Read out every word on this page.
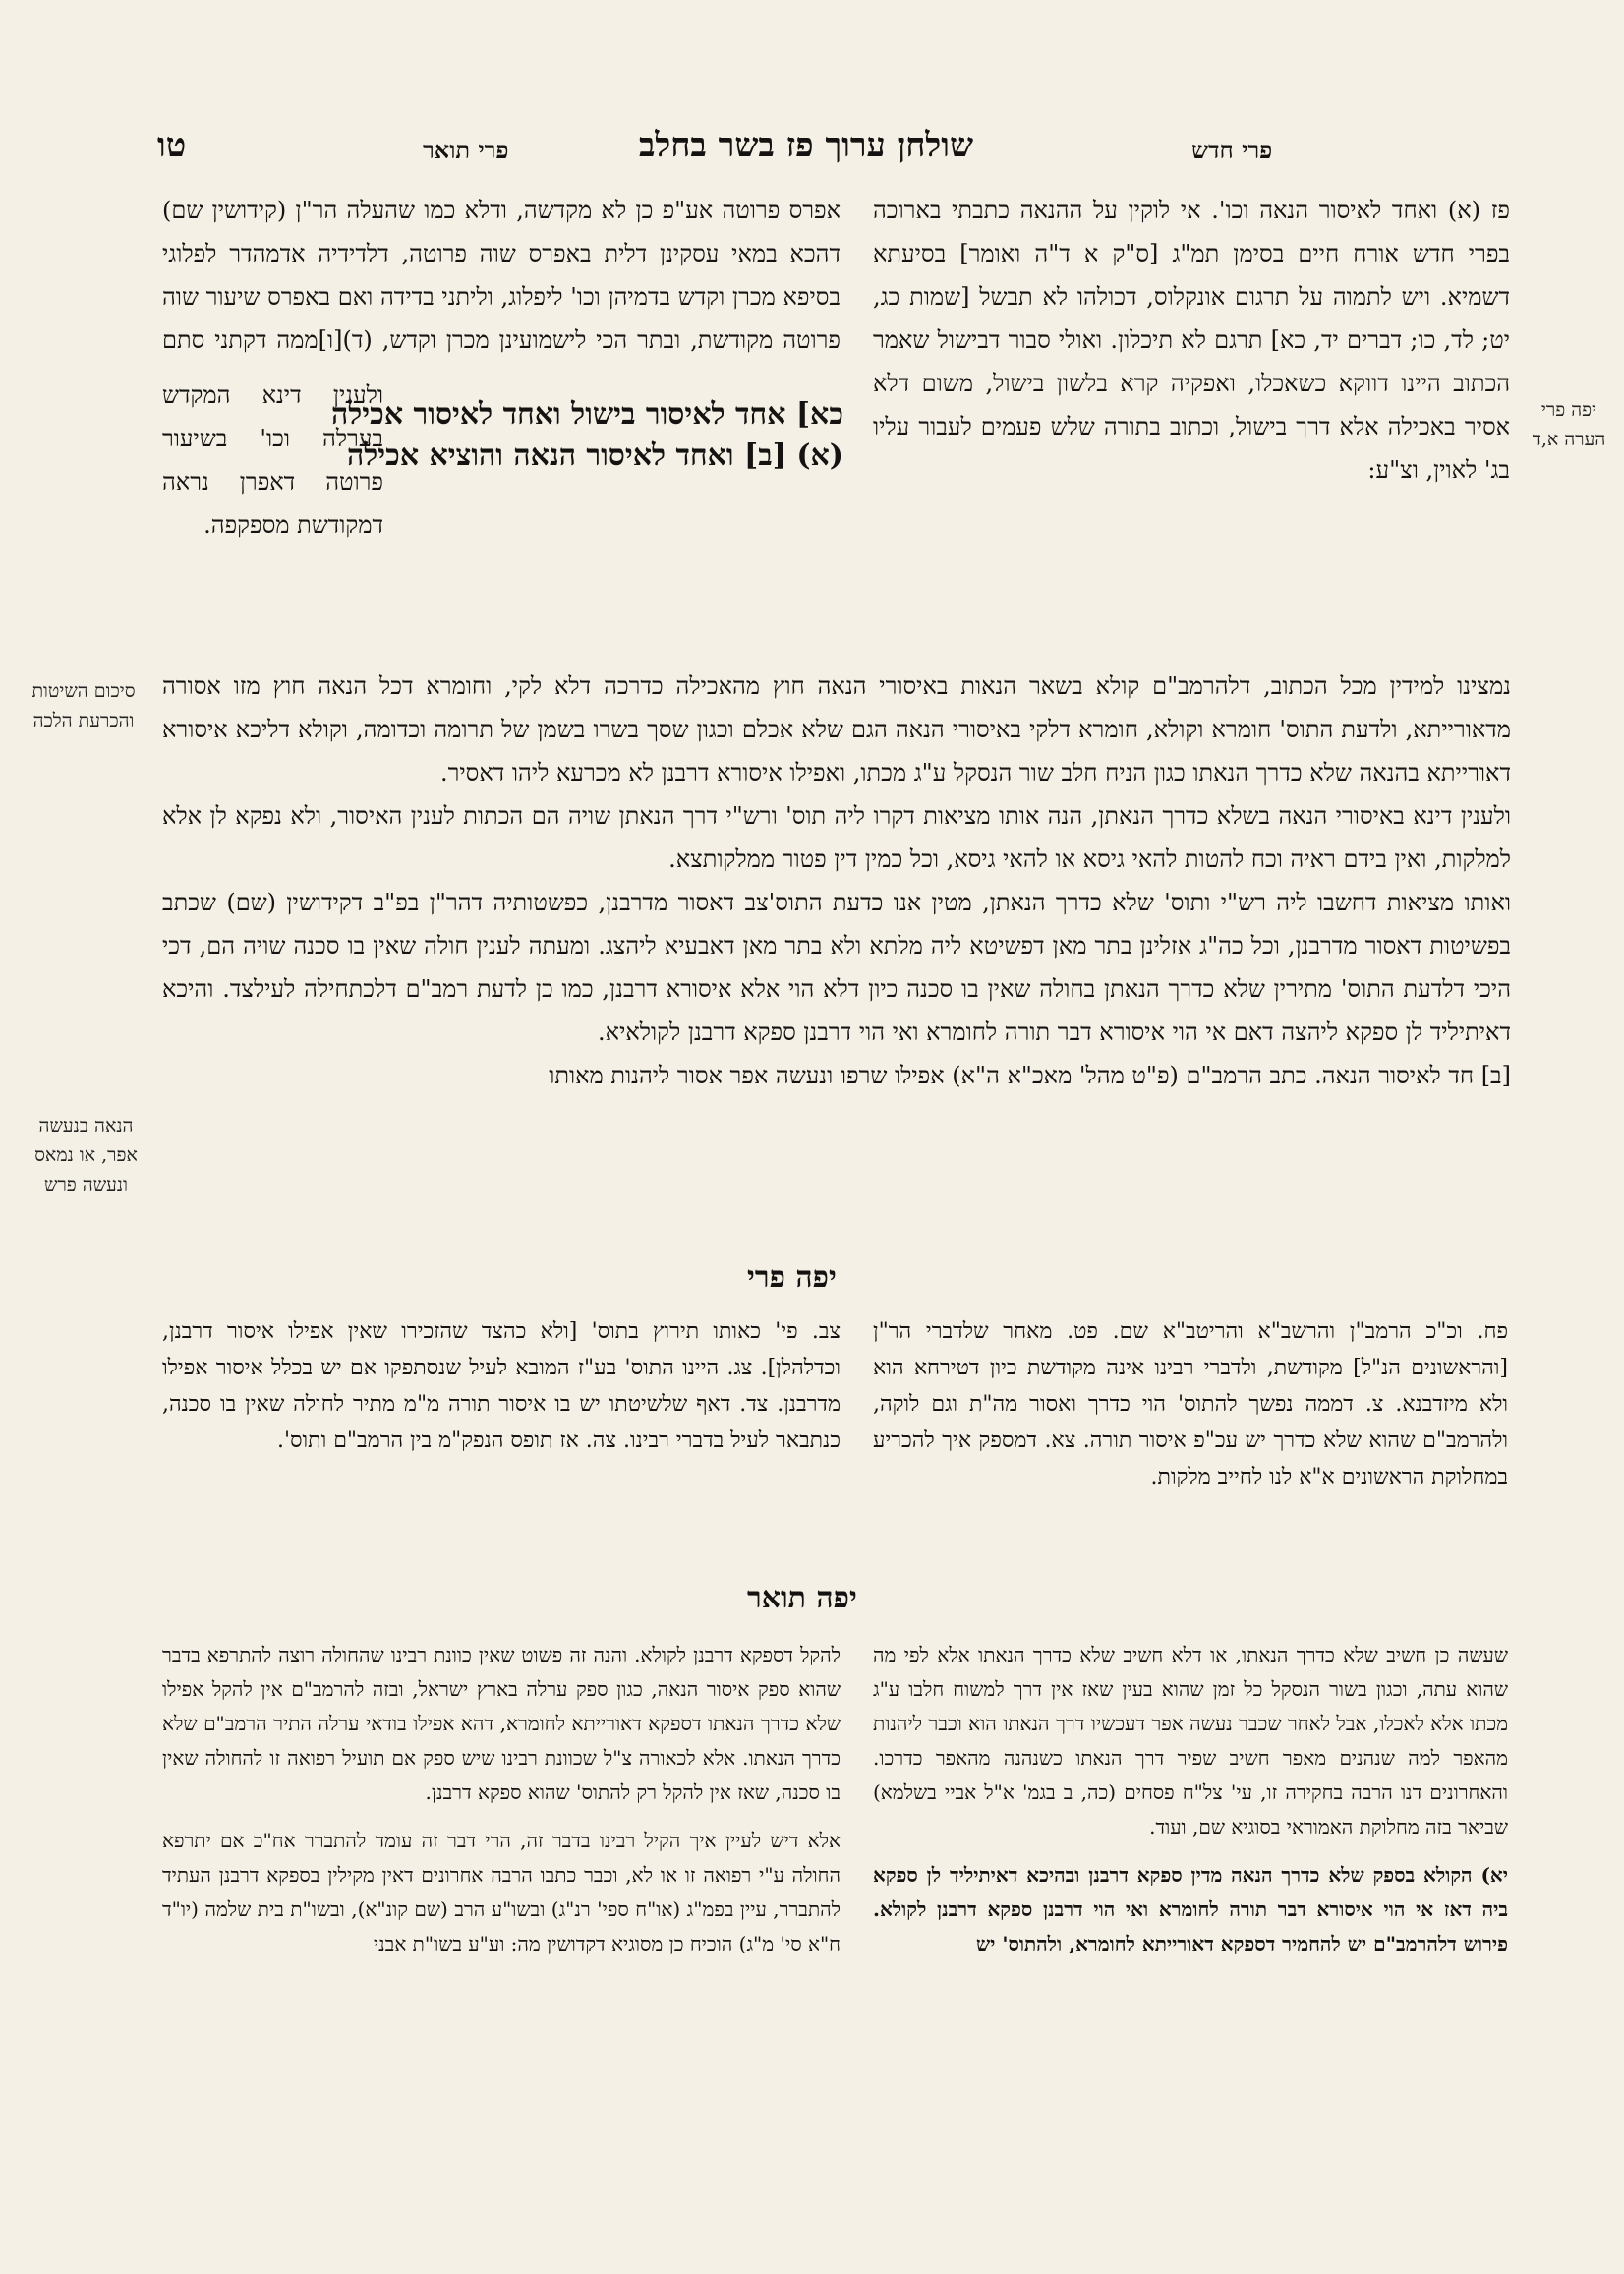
פרי חדש
שולחן ערוך פז בשר בחלב
פרי תואר
טו
יפה פרי הערה א,ד
סיכום השיטות והכרעת הלכה
הנאה בנעשה אפר, או נמאס ונעשה פרש

פז (א) ואחד לאיסור הנאה וכו'. אי לוקין על ההנאה כתבתי בארוכה בפרי חדש אורח חיים בסימן תמ"ג [ס"ק א ד"ה ואומר] בסיעתא דשמיא. ויש לתמוה על תרגום אונקלוס, דכולהו לא תבשל [שמות כג, יט; לד, כו; דברים יד, כא] תרגם לא תיכלון. ואולי סבור דבישול שאמר הכתוב היינו דווקא כשאכלו, ואפקיה קרא בלשון בישול, משום דלא אסיר באכילה אלא דרך בישול, וכתוב בתורה שלש פעמים לעבור עליו בג' לאוין, וצ"ע:

אפרס פרוטה אע"פ כן לא מקדשה, ודלא כמו שהעלה הר"ן (קידושין שם) דהכא במאי עסקינן דלית באפרס שוה פרוטה, דלדידיה אדמהדר לפלוגי בסיפא מכרן וקדש בדמיהן וכו' ליפלוג, וליתני בדידה ואם באפרס שיעור שוה פרוטה מקודשת, ובתר הכי לישמועינן מכרן וקדש, (ד)[ו]ממה דקתני סתם

כא] אחד לאיסור בישול ואחד לאיסור אכילה
(א) [ב] ואחד לאיסור הנאה והוציא אכילה

ולענין דינא המקדש בערלה וכו' בשיעור פרוטה דאפרן נראה דמקודשת מספקפה.

נמצינו למידין מכל הכתוב, דלהרמב"ם קולא בשאר הנאות באיסורי הנאה חוץ מהאכילה כדרכה דלא לקי, וחומרא דכל הנאה חוץ מזו אסורה מדאורייתא, ולדעת התוס' חומרא וקולא, חומרא דלקי באיסורי הנאה הגם שלא אכלם וכגון שסך בשרו בשמן של תרומה וכדומה, וקולא דליכא איסורא דאורייתא בהנאה שלא כדרך הנאתו כגון הניח חלב שור הנסקל ע"ג מכתו, ואפילו איסורא דרבנן לא מכרעא ליהו דאסיר.

ולענין דינא באיסורי הנאה בשלא כדרך הנאתן, הנה אותו מציאות דקרו ליה תוס' ורש"י דרך הנאתן שויה הם הכתות לענין האיסור, ולא נפקא לן אלא למלקות, ואין בידם ראיה וכח להטות להאי גיסא או להאי גיסא, וכל כמין דין פטור ממלקותצא.

ואותו מציאות דחשבו ליה רש"י ותוס' שלא כדרך הנאתן, מטין אנו כדעת התוס'צב דאסור מדרבנן, כפשטותיה דהר"ן בפ"ב דקידושין (שם) שכתב בפשיטות דאסור מדרבנן, וכל כה"ג אזלינן בתר מאן דפשיטא ליה מלתא ולא בתר מאן דאבעיא ליהצג. ומעתה לענין חולה שאין בו סכנה שויה הם, דכי היכי דלדעת התוס' מתירין שלא כדרך הנאתן בחולה שאין בו סכנה כיון דלא הוי אלא איסורא דרבנן, כמו כן לדעת רמב"ם דלכתחילה לעילצד. והיכא דאיתיליד לן ספקא ליהצה דאם אי הוי איסורא דבר תורה לחומרא ואי הוי דרבנן ספקא דרבנן לקולאיא.

[ב] חד לאיסור הנאה. כתב הרמב"ם (פ"ט מהל' מאכ"א ה"א) אפילו שרפו ונעשה אפר אסור ליהנות מאותו

יפה פרי

פח. וכ"כ הרמב"ן והרשב"א והריטב"א שם. פט. מאחר שלדברי הר"ן [והראשונים הנ"ל] מקודשת, ולדברי רבינו אינה מקודשת כיון דטירחא הוא ולא מיזדבנא. צ. דממה נפשך להתוס' הוי כדרך ואסור מה"ת וגם לוקה, ולהרמב"ם שהוא שלא כדרך יש עכ"פ איסור תורה. צא. דמספק איך להכריע במחלוקת הראשונים א"א לנו לחייב מלקות.

צב. פי' כאותו תירוץ בתוס' [ולא כהצד שהזכירו שאין אפילו איסור דרבנן, וכדלהלן]. צג. היינו התוס' בע"ז המובא לעיל שנסתפקו אם יש בכלל איסור אפילו מדרבנן. צד. דאף שלשיטתו יש בו איסור תורה מ"מ מתיר לחולה שאין בו סכנה, כנתבאר לעיל בדברי רבינו. צה. אז תופס הנפק"מ בין הרמב"ם ותוס'.

יפה תואר

שעשה כן חשיב שלא כדרך הנאתו, או דלא חשיב שלא כדרך הנאתו אלא לפי מה שהוא עתה, וכגון בשור הנסקל כל זמן שהוא בעין שאז אין דרך למשוח חלבו ע"ג מכתו אלא לאכלו, אבל לאחר שכבר נעשה אפר דעכשיו דרך הנאתו הוא וכבר ליהנות מהאפר למה שנהנים מאפר חשיב שפיר דרך הנאתו כשנהנה מהאפר כדרכו. והאחרונים דנו הרבה בחקירה זו, עי' צל"ח פסחים (כה, ב בגמ' א"ל אביי בשלמא) שביאר בזה מחלוקת האמוראי בסוגיא שם, ועוד.

יא) הקולא בספק שלא כדרך הנאה מדין ספקא דרבנן ובהיכא דאיתיליד לן ספקא ביה דאז אי הוי איסורא דבר תורה לחומרא ואי הוי דרבנן ספקא דרבנן לקולא. פירוש דלהרמב"ם יש להחמיר דספקא דאורייתא לחומרא, ולהתוס' יש

להקל דספקא דרבנן לקולא. והנה זה פשוט שאין כוונת רבינו שהחולה רוצה להתרפא בדבר שהוא ספק איסור הנאה, כגון ספק ערלה בארץ ישראל, ובזה להרמב"ם אין להקל אפילו שלא כדרך הנאתו דספקא דאורייתא לחומרא, דהא אפילו בודאי ערלה התיר הרמב"ם שלא כדרך הנאתו. אלא לכאורה צ"ל שכוונת רבינו שיש ספק אם תועיל רפואה זו להחולה שאין בו סכנה, שאז אין להקל רק להתוס' שהוא ספקא דרבנן.

אלא דיש לעיין איך הקיל רבינו בדבר זה, הרי דבר זה עומד להתברר אח"כ אם יתרפא החולה ע"י רפואה זו או לא, וכבר כתבו הרבה אחרונים דאין מקילין בספקא דרבנן העתיד להתברר, עיין בפמ"ג (או"ח ספי' רנ"ג) ובשו"ע הרב (שם קונ"א), ובשו"ת בית שלמה (יו"ד ח"א סי' מ"ג) הוכיח כן מסוגיא דקדושין מה: וע"ע בשו"ת אבני
